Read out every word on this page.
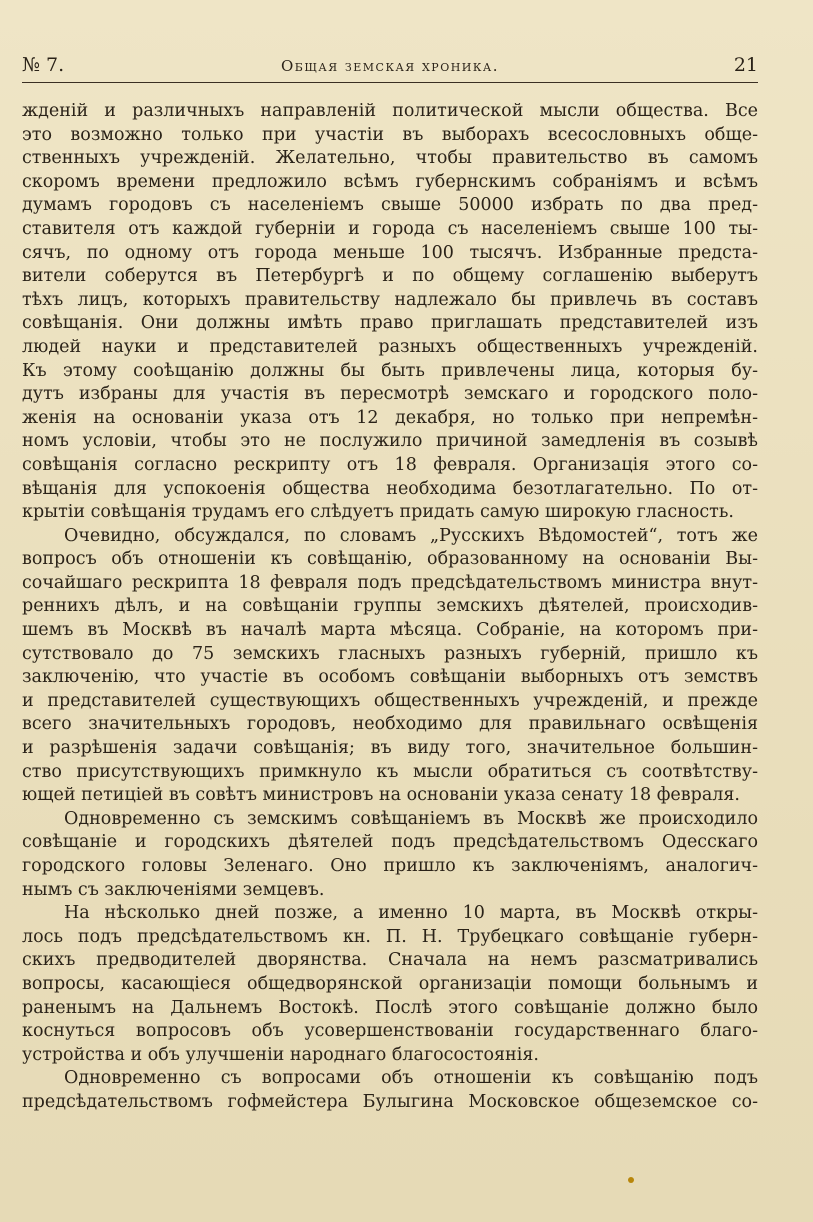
№ 7.	Общая земская хроника.	21
жденій и различныхъ направленій политической мысли общества. Все
это возможно только при участіи въ выборахъ всесословныхъ обще-
ственныхъ учрежденій. Желательно, чтобы правительство въ самомъ
скоромъ времени предложило всѣмъ губернскимъ собраніямъ и всѣмъ
думамъ городовъ съ населеніемъ свыше 50000 избрать по два пред-
ставителя отъ каждой губерніи и города съ населеніемъ свыше 100 ты-
сячъ, по одному отъ города меньше 100 тысячъ. Избранные предста-
вители соберутся въ Петербургѣ и по общему соглашенію выберутъ
тѣхъ лицъ, которыхъ правительству надлежало бы привлечь въ составъ
совѣщанія. Они должны имѣть право приглашать представителей изъ
людей науки и представителей разныхъ общественныхъ учрежденій.
Къ этому сооѣщанію должны бы быть привлечены лица, которыя бу-
дутъ избраны для участія въ пересмотрѣ земскаго и городского поло-
женія на основаніи указа отъ 12 декабря, но только при непремѣн-
номъ условіи, чтобы это не послужило причиной замедленія въ созывѣ
совѣщанія согласно рескрипту отъ 18 февраля. Организація этого со-
вѣщанія для успокоенія общества необходима безотлагательно. По от-
крытіи совѣщанія трудамъ его слѣдуетъ придать самую широкую гласность.
Очевидно, обсуждался, по словамъ „Русскихъ Вѣдомостей“, тотъ же
вопросъ объ отношеніи къ совѣщанію, образованному на основаніи Вы-
сочайшаго рескрипта 18 февраля подъ предсѣдательствомъ министра внут-
реннихъ дѣлъ, и на совѣщаніи группы земскихъ дѣятелей, происходив-
шемъ въ Москвѣ въ началѣ марта мѣсяца. Собраніе, на которомъ при-
сутствовало до 75 земскихъ гласныхъ разныхъ губерній, пришло къ
заключенію, что участіе въ особомъ совѣщаніи выборныхъ отъ земствъ
и представителей существующихъ общественныхъ учрежденій, и прежде
всего значительныхъ городовъ, необходимо для правильнаго освѣщенія
и разрѣшенія задачи совѣщанія; въ виду того, значительное большин-
ство присутствующихъ примкнуло къ мысли обратиться съ соотвѣтству-
ющей петиціей въ совѣтъ министровъ на основаніи указа сенату 18 февраля.
Одновременно съ земскимъ совѣщаніемъ въ Москвѣ же происходило
совѣщаніе и городскихъ дѣятелей подъ предсѣдательствомъ Одесскаго
городского головы Зеленаго. Оно пришло къ заключеніямъ, аналогич-
нымъ съ заключеніями земцевъ.
На нѣсколько дней позже, а именно 10 марта, въ Москвѣ откры-
лось подъ предсѣдательствомъ кн. П. Н. Трубецкаго совѣщаніе губерн-
скихъ предводителей дворянства. Сначала на немъ разсматривались
вопросы, касающіеся общедворянской организаціи помощи больнымъ и
раненымъ на Дальнемъ Востокѣ. Послѣ этого совѣщаніе должно было
коснуться вопросовъ объ усовершенствованіи государственнаго благо-
устройства и объ улучшеніи народнаго благосостоянія.
Одновременно съ вопросами объ отношеніи къ совѣщанію подъ
предсѣдательствомъ гофмейстера Булыгина Московское общеземское со-
